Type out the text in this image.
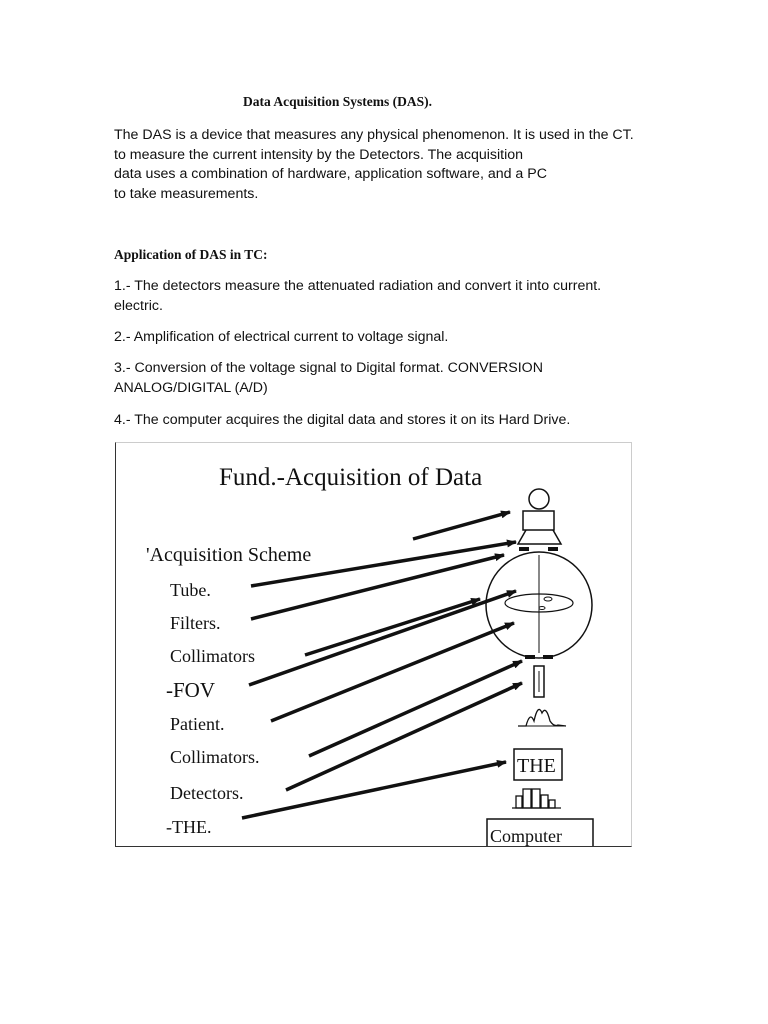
Data Acquisition Systems (DAS).
The DAS is a device that measures any physical phenomenon. It is used in the CT.
to measure the current intensity by the Detectors. The acquisition
data uses a combination of hardware, application software, and a PC
to take measurements.
Application of DAS in TC:
1.- The detectors measure the attenuated radiation and convert it into current.
electric.
2.- Amplification of electrical current to voltage signal.
3.- Conversion of the voltage signal to Digital format. CONVERSION
ANALOG/DIGITAL (A/D)
4.- The computer acquires the digital data and stores it on its Hard Drive.
Fund.-Acquisition of Data
'Acquisition Scheme
Tube.
Filters.
Collimators
-FOV
Patient.
Collimators.
Detectors.
-THE.
THE
Computer
